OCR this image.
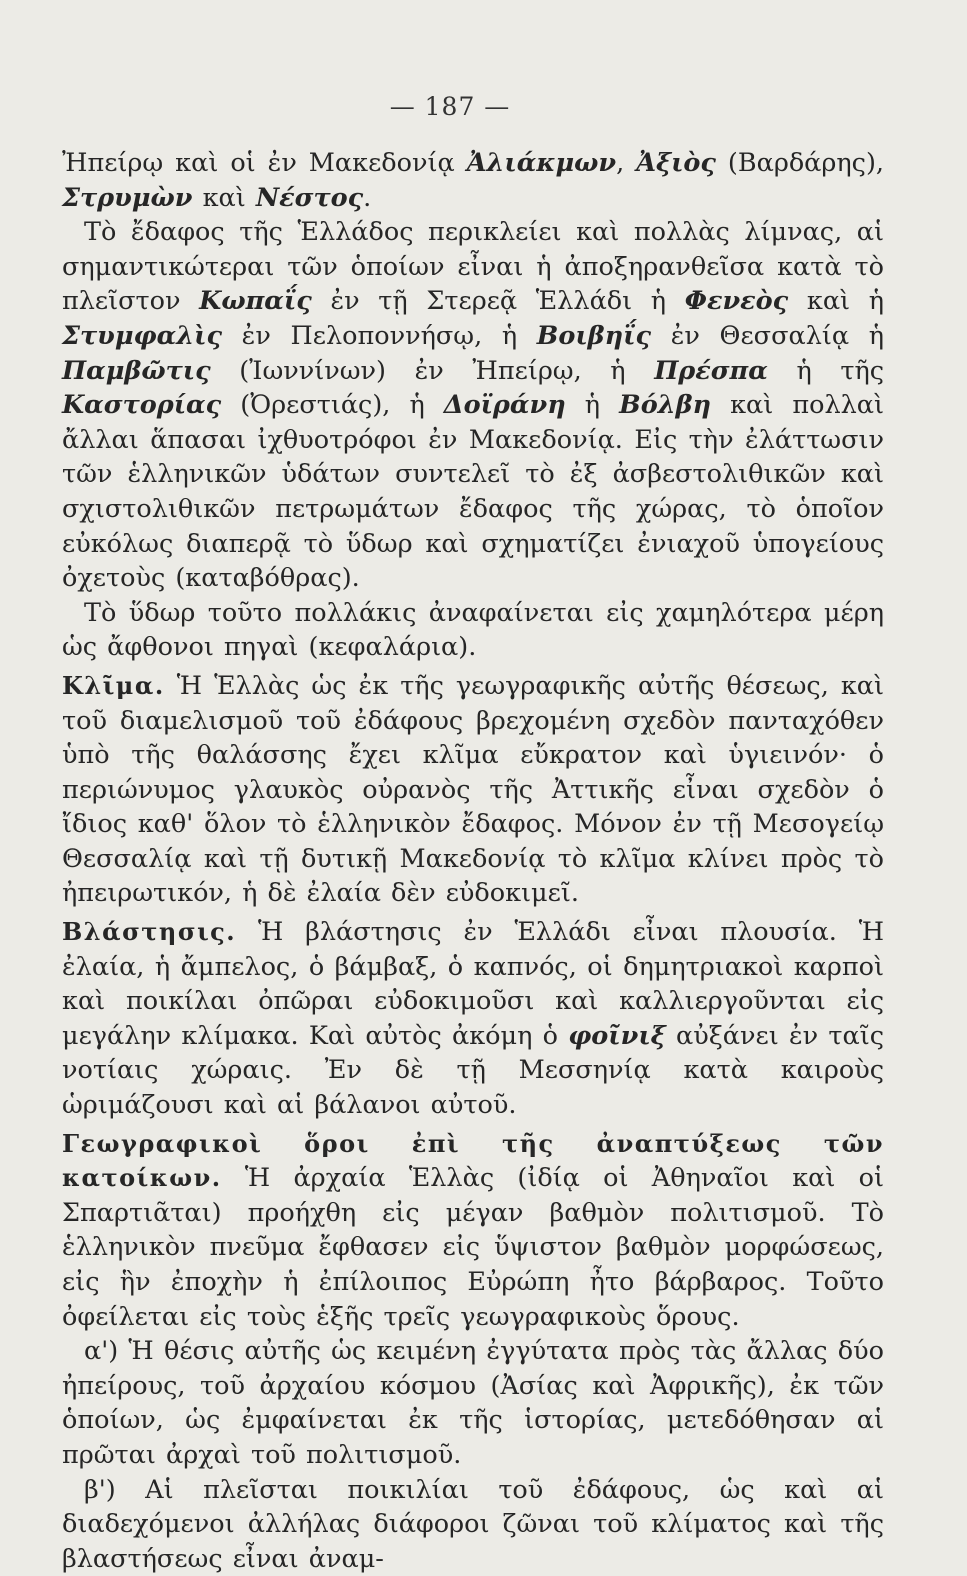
— 187 —

Ἠπείρῳ καὶ οἱ ἐν Μακεδονίᾳ Ἀλιάκμων, Ἀξιὸς (Βαρδάρης), Στρυμὼν καὶ Νέστος.

Τὸ ἔδαφος τῆς Ἑλλάδος περικλείει καὶ πολλὰς λίμνας, αἱ σημαντικώτεραι τῶν ὁποίων εἶναι ἡ ἀποξηρανθεῖσα κατὰ τὸ πλεῖστον Κωπαΐς ἐν τῇ Στερεᾷ Ἑλλάδι ἡ Φενεὸς καὶ ἡ Στυμφαλὶς ἐν Πελοποννήσῳ, ἡ Βοιβηΐς ἐν Θεσσαλίᾳ ἡ Παμβῶτις (Ἰωννίνων) ἐν Ἠπείρῳ, ἡ Πρέσπα ἡ τῆς Καστορίας (Ὀρεστιάς), ἡ Δοϊράνη ἡ Βόλβη καὶ πολλαὶ ἄλλαι ἅπασαι ἰχθυοτρόφοι ἐν Μακεδονίᾳ. Εἰς τὴν ἐλάττωσιν τῶν ἑλληνικῶν ὑδάτων συντελεῖ τὸ ἐξ ἀσβεστολιθικῶν καὶ σχιστολιθικῶν πετρωμάτων ἔδαφος τῆς χώρας, τὸ ὁποῖον εὐκόλως διαπερᾷ τὸ ὕδωρ καὶ σχηματίζει ἐνιαχοῦ ὑπογείους ὀχετοὺς (καταβόθρας).

Τὸ ὕδωρ τοῦτο πολλάκις ἀναφαίνεται εἰς χαμηλότερα μέρη ὡς ἄφθονοι πηγαὶ (κεφαλάρια).

Κλῖμα. Ἡ Ἑλλὰς ὡς ἐκ τῆς γεωγραφικῆς αὐτῆς θέσεως, καὶ τοῦ διαμελισμοῦ τοῦ ἐδάφους βρεχομένη σχεδὸν πανταχόθεν ὑπὸ τῆς θαλάσσης ἔχει κλῖμα εὔκρατον καὶ ὑγιεινόν· ὁ περιώνυμος γλαυκὸς οὐρανὸς τῆς Ἀττικῆς εἶναι σχεδὸν ὁ ἴδιος καθ' ὅλον τὸ ἑλληνικὸν ἔδαφος. Μόνον ἐν τῇ Μεσογείῳ Θεσσαλίᾳ καὶ τῇ δυτικῇ Μακεδονίᾳ τὸ κλῖμα κλίνει πρὸς τὸ ἠπειρωτικόν, ἡ δὲ ἐλαία δὲν εὐδοκιμεῖ.

Βλάστησις. Ἡ βλάστησις ἐν Ἑλλάδι εἶναι πλουσία. Ἡ ἐλαία, ἡ ἄμπελος, ὁ βάμβαξ, ὁ καπνός, οἱ δημητριακοὶ καρποὶ καὶ ποικίλαι ὀπῶραι εὐδοκιμοῦσι καὶ καλλιεργοῦνται εἰς μεγάλην κλίμακα. Καὶ αὐτὸς ἀκόμη ὁ φοῖνιξ αὐξάνει ἐν ταῖς νοτίαις χώραις. Ἐν δὲ τῇ Μεσσηνίᾳ κατὰ καιροὺς ὡριμάζουσι καὶ αἱ βάλανοι αὐτοῦ.

Γεωγραφικοὶ ὅροι ἐπὶ τῆς ἀναπτύξεως τῶν κατοίκων. Ἡ ἀρχαία Ἑλλὰς (ἰδίᾳ οἱ Ἀθηναῖοι καὶ οἱ Σπαρτιᾶται) προήχθη εἰς μέγαν βαθμὸν πολιτισμοῦ. Τὸ ἑλληνικὸν πνεῦμα ἔφθασεν εἰς ὕψιστον βαθμὸν μορφώσεως, εἰς ἣν ἐποχὴν ἡ ἐπίλοιπος Εὐρώπη ἦτο βάρβαρος. Τοῦτο ὀφείλεται εἰς τοὺς ἑξῆς τρεῖς γεωγραφικοὺς ὅρους.

α') Ἡ θέσις αὐτῆς ὡς κειμένη ἐγγύτατα πρὸς τὰς ἄλλας δύο ἠπείρους, τοῦ ἀρχαίου κόσμου (Ἀσίας καὶ Ἀφρικῆς), ἐκ τῶν ὁποίων, ὡς ἐμφαίνεται ἐκ τῆς ἱστορίας, μετεδόθησαν αἱ πρῶται ἀρχαὶ τοῦ πολιτισμοῦ.

β') Αἱ πλεῖσται ποικιλίαι τοῦ ἐδάφους, ὡς καὶ αἱ διαδεχόμενοι ἀλλήλας διάφοροι ζῶναι τοῦ κλίματος καὶ τῆς βλαστήσεως εἶναι ἀναμ-
